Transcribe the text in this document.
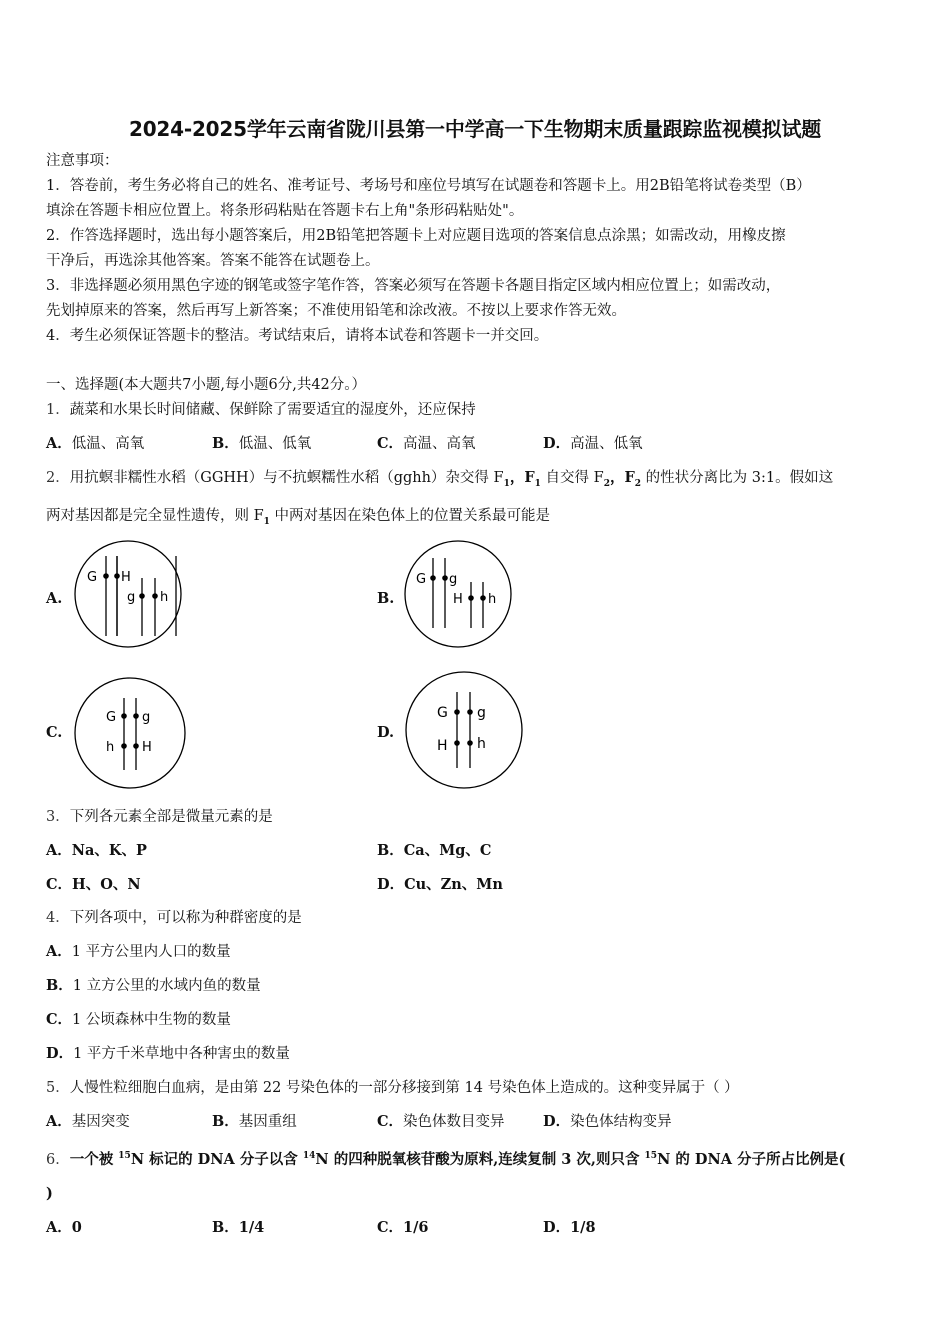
2024-2025学年云南省陇川县第一中学高一下生物期末质量跟踪监视模拟试题
注意事项：
1．答卷前，考生务必将自己的姓名、准考证号、考场号和座位号填写在试题卷和答题卡上。用2B铅笔将试卷类型（B）
填涂在答题卡相应位置上。将条形码粘贴在答题卡右上角"条形码粘贴处"。
2．作答选择题时，选出每小题答案后，用2B铅笔把答题卡上对应题目选项的答案信息点涂黑；如需改动，用橡皮擦
干净后，再选涂其他答案。答案不能答在试题卷上。
3．非选择题必须用黑色字迹的钢笔或签字笔作答，答案必须写在答题卡各题目指定区域内相应位置上；如需改动，
先划掉原来的答案，然后再写上新答案；不准使用铅笔和涂改液。不按以上要求作答无效。
4．考生必须保证答题卡的整洁。考试结束后，请将本试卷和答题卡一并交回。
一、选择题(本大题共7小题,每小题6分,共42分。）
1．蔬菜和水果长时间储藏、保鲜除了需要适宜的湿度外，还应保持
A．低温、高氧	B．低温、低氧	C．高温、高氧	D．高温、低氧
2．用抗螟非糯性水稻（GGHH）与不抗螟糯性水稻（gghh）杂交得 $F_1$，$F_1$ 自交得 $F_2$，$F_2$ 的性状分离比为 3:1。假如这
两对基因都是完全显性遗传，则 $F_1$ 中两对基因在染色体上的位置关系最可能是
A.
G H
g h	B.
G g
H h
C.
G g
h H
D.
G g
H h
3．下列各元素全部是微量元素的是
A．Na、K、P	B．Ca、Mg、C
C．H、O、N	D．Cu、Zn、Mn
4．下列各项中，可以称为种群密度的是
A．1 平方公里内人口的数量
B．1 立方公里的水域内鱼的数量
C．1 公顷森林中生物的数量
D．1 平方千米草地中各种害虫的数量
5．人慢性粒细胞白血病，是由第 22 号染色体的一部分移接到第 14 号染色体上造成的。这种变异属于（ ）
A．基因突变	B．基因重组	C．染色体数目变异	D．染色体结构变异
6．一个被 $^{15}$N 标记的 DNA 分子以含 $^{14}$N 的四种脱氧核苷酸为原料,连续复制 3 次,则只含 $^{15}$N 的 DNA 分子所占比例是(
)
A．0	B．1/4	C．1/6	D．1/8
